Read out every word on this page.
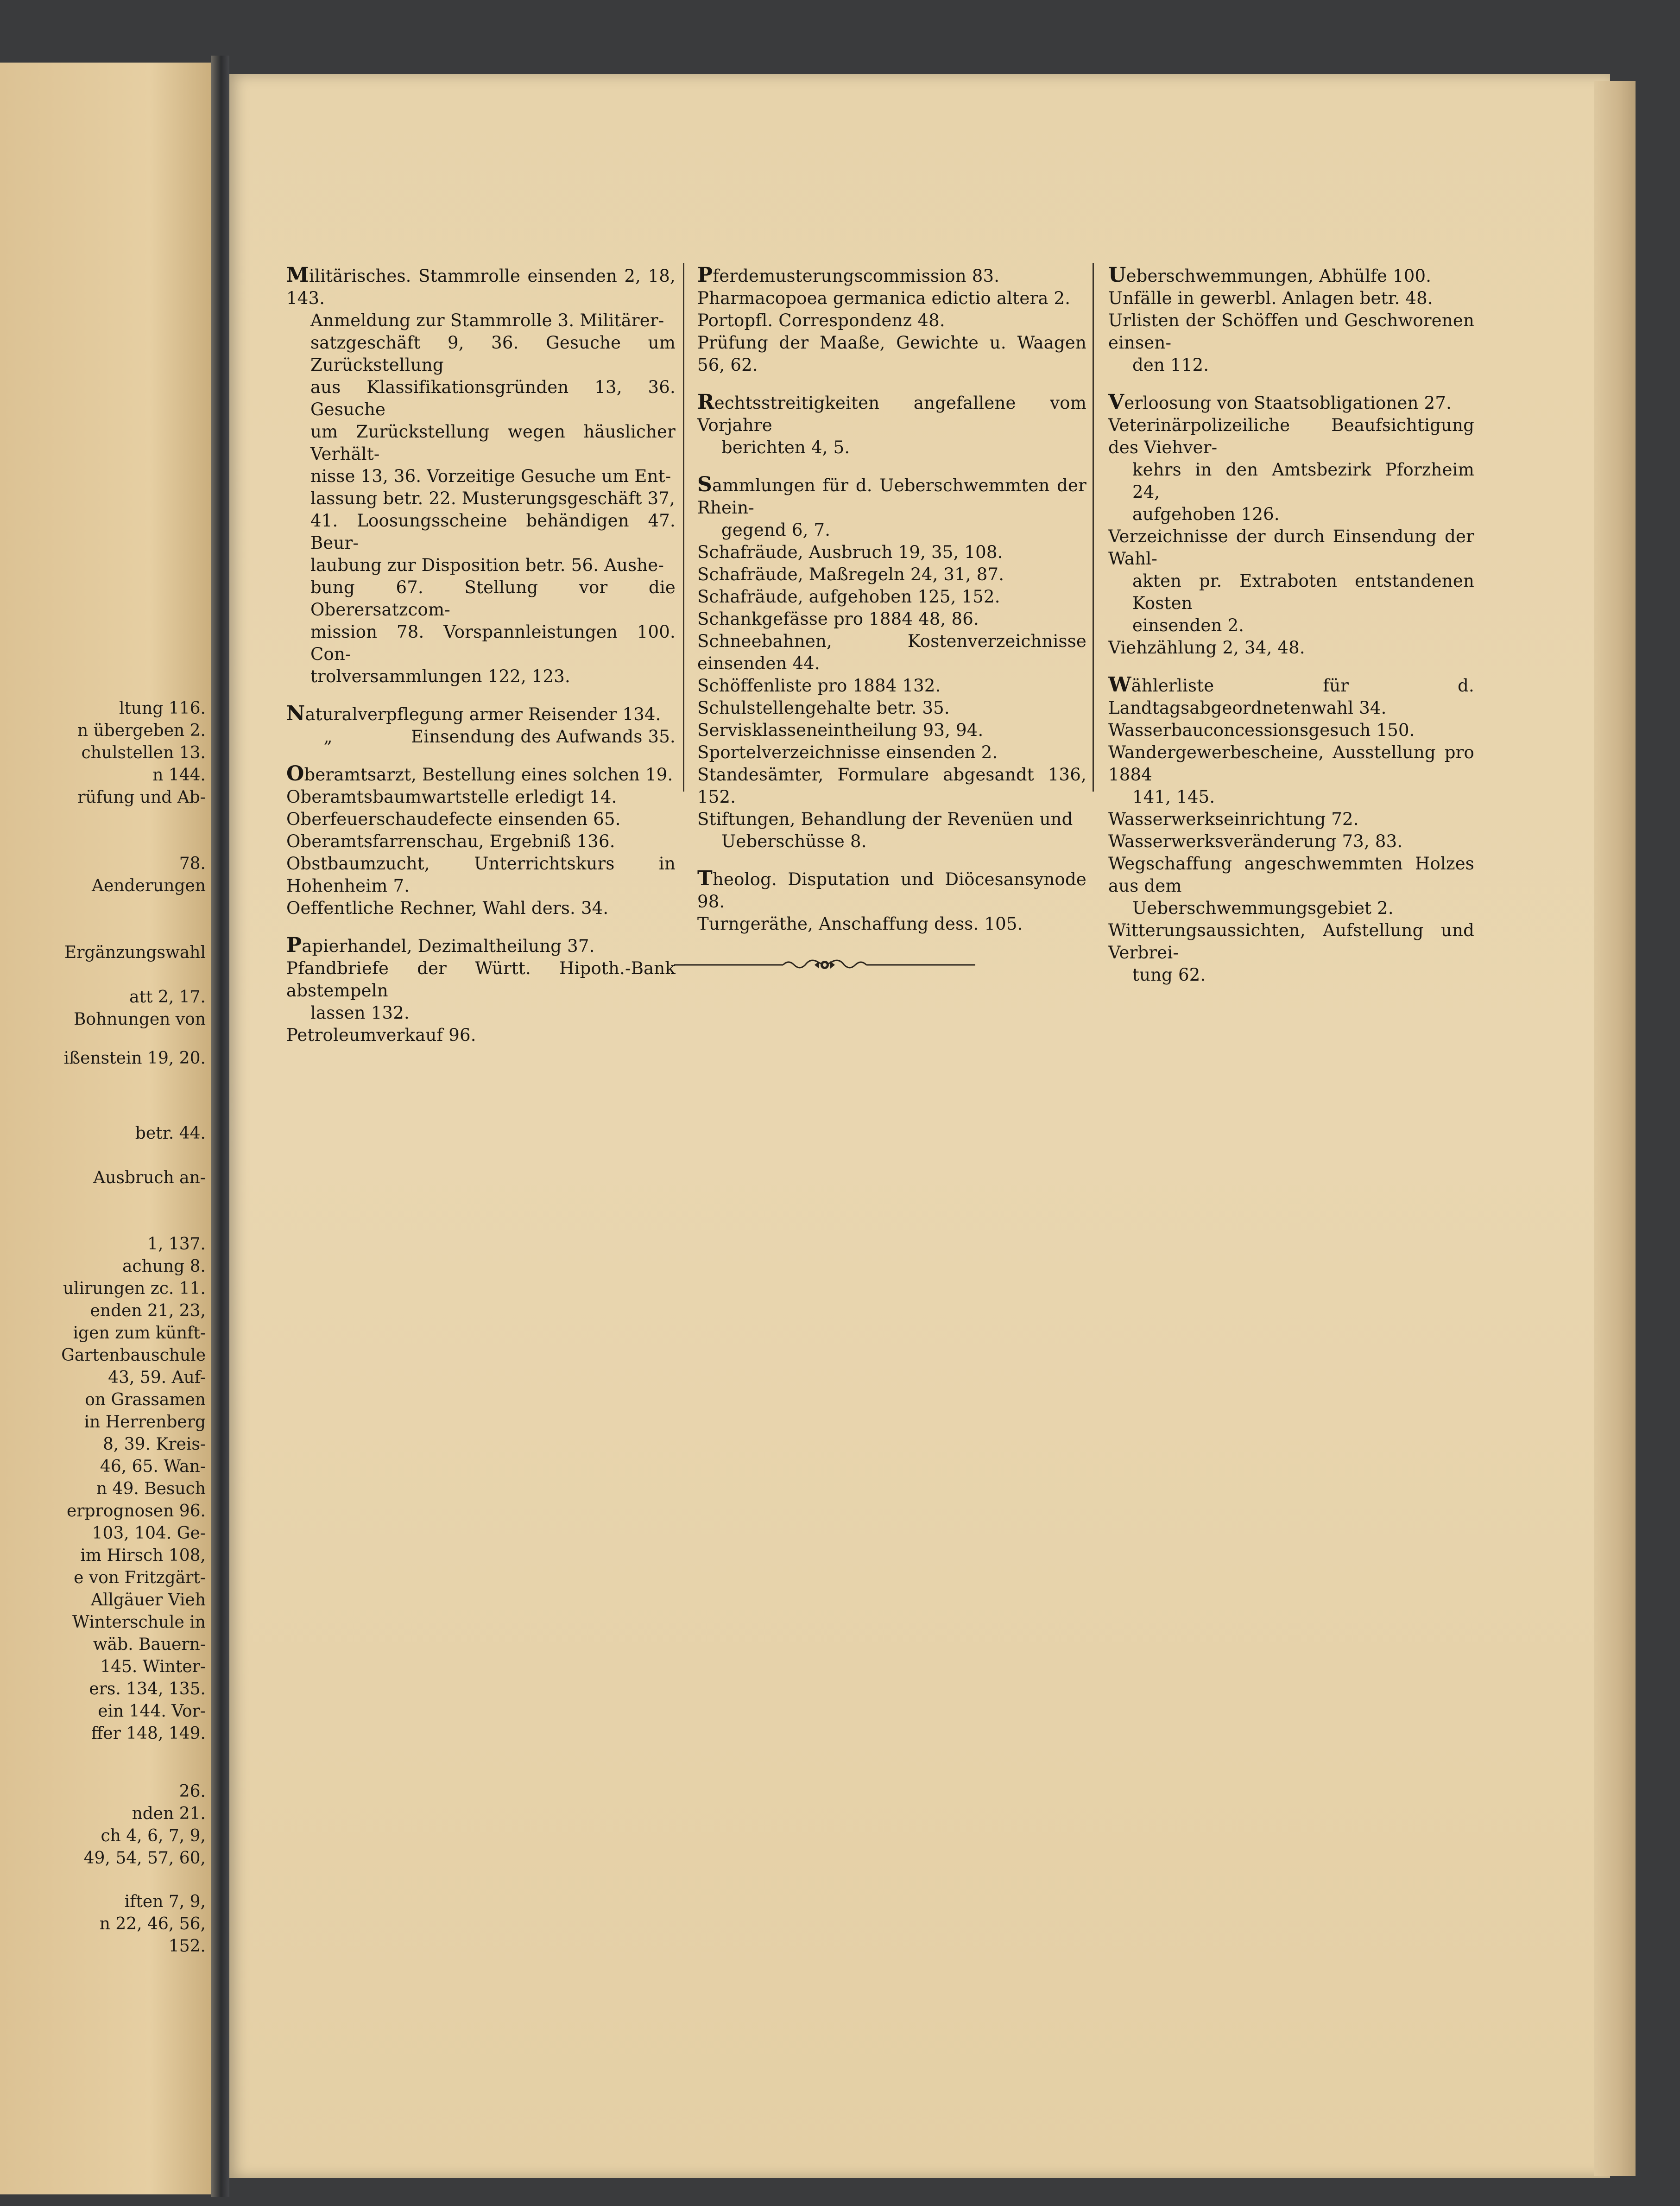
ltung 116.
n übergeben 2.
chulstellen 13.
n 144.
rüfung und Ab-
78.
Aenderungen
Ergänzungswahl
att 2, 17.
Bohnungen von
ißenstein 19, 20.
betr. 44.
Ausbruch an-
1, 137.
achung 8.
ulirungen zc. 11.
enden 21, 23,
igen zum künft-
Gartenbauschule
43, 59. Auf-
on Grassamen
in Herrenberg
8, 39. Kreis-
46, 65. Wan-
n 49. Besuch
erprognosen 96.
103, 104. Ge-
im Hirsch 108,
e von Fritzgärt-
Allgäuer Vieh
Winterschule in
wäb. Bauern-
145. Winter-
ers. 134, 135.
ein 144. Vor-
ffer 148, 149.
26.
nden 21.
ch 4, 6, 7, 9,
49, 54, 57, 60,
iften 7, 9,
n 22, 46, 56,
152.
Militärisches. Stammrolle einsenden 2, 18, 143.
Anmeldung zur Stammrolle 3. Militärer-
satzgeschäft 9, 36. Gesuche um Zurückstellung
aus Klassifikationsgründen 13, 36. Gesuche
um Zurückstellung wegen häuslicher Verhält-
nisse 13, 36. Vorzeitige Gesuche um Ent-
lassung betr. 22. Musterungsgeschäft 37,
41. Loosungsscheine behändigen 47. Beur-
laubung zur Disposition betr. 56. Aushe-
bung 67. Stellung vor die Oberersatzcom-
mission 78. Vorspannleistungen 100. Con-
trolversammlungen 122, 123.
Naturalverpflegung armer Reisender 134.
„	Einsendung des Aufwands 35.
Oberamtsarzt, Bestellung eines solchen 19.
Oberamtsbaumwartstelle erledigt 14.
Oberfeuerschaudefecte einsenden 65.
Oberamtsfarrenschau, Ergebniß 136.
Obstbaumzucht, Unterrichtskurs in Hohenheim 7.
Oeffentliche Rechner, Wahl ders. 34.
Papierhandel, Dezimaltheilung 37.
Pfandbriefe der Württ. Hipoth.-Bank abstempeln
lassen 132.
Petroleumverkauf 96.
Pferdemusterungscommission 83.
Pharmacopoea germanica edictio altera 2.
Portopfl. Correspondenz 48.
Prüfung der Maaße, Gewichte u. Waagen 56, 62.
Rechtsstreitigkeiten angefallene vom Vorjahre
berichten 4, 5.
Sammlungen für d. Ueberschwemmten der Rhein-
gegend 6, 7.
Schafräude, Ausbruch 19, 35, 108.
Schafräude, Maßregeln 24, 31, 87.
Schafräude, aufgehoben 125, 152.
Schankgefässe pro 1884 48, 86.
Schneebahnen, Kostenverzeichnisse einsenden 44.
Schöffenliste pro 1884 132.
Schulstellengehalte betr. 35.
Servisklasseneintheilung 93, 94.
Sportelverzeichnisse einsenden 2.
Standesämter, Formulare abgesandt 136, 152.
Stiftungen, Behandlung der Revenüen und
Ueberschüsse 8.
Theolog. Disputation und Diöcesansynode 98.
Turngeräthe, Anschaffung dess. 105.
Ueberschwemmungen, Abhülfe 100.
Unfälle in gewerbl. Anlagen betr. 48.
Urlisten der Schöffen und Geschworenen einsen-
den 112.
Verloosung von Staatsobligationen 27.
Veterinärpolizeiliche Beaufsichtigung des Viehver-
kehrs in den Amtsbezirk Pforzheim 24,
aufgehoben 126.
Verzeichnisse der durch Einsendung der Wahl-
akten pr. Extraboten entstandenen Kosten
einsenden 2.
Viehzählung 2, 34, 48.
Wählerliste für d. Landtagsabgeordnetenwahl 34.
Wasserbauconcessionsgesuch 150.
Wandergewerbescheine, Ausstellung pro 1884
141, 145.
Wasserwerkseinrichtung 72.
Wasserwerksveränderung 73, 83.
Wegschaffung angeschwemmten Holzes aus dem
Ueberschwemmungsgebiet 2.
Witterungsaussichten, Aufstellung und Verbrei-
tung 62.
